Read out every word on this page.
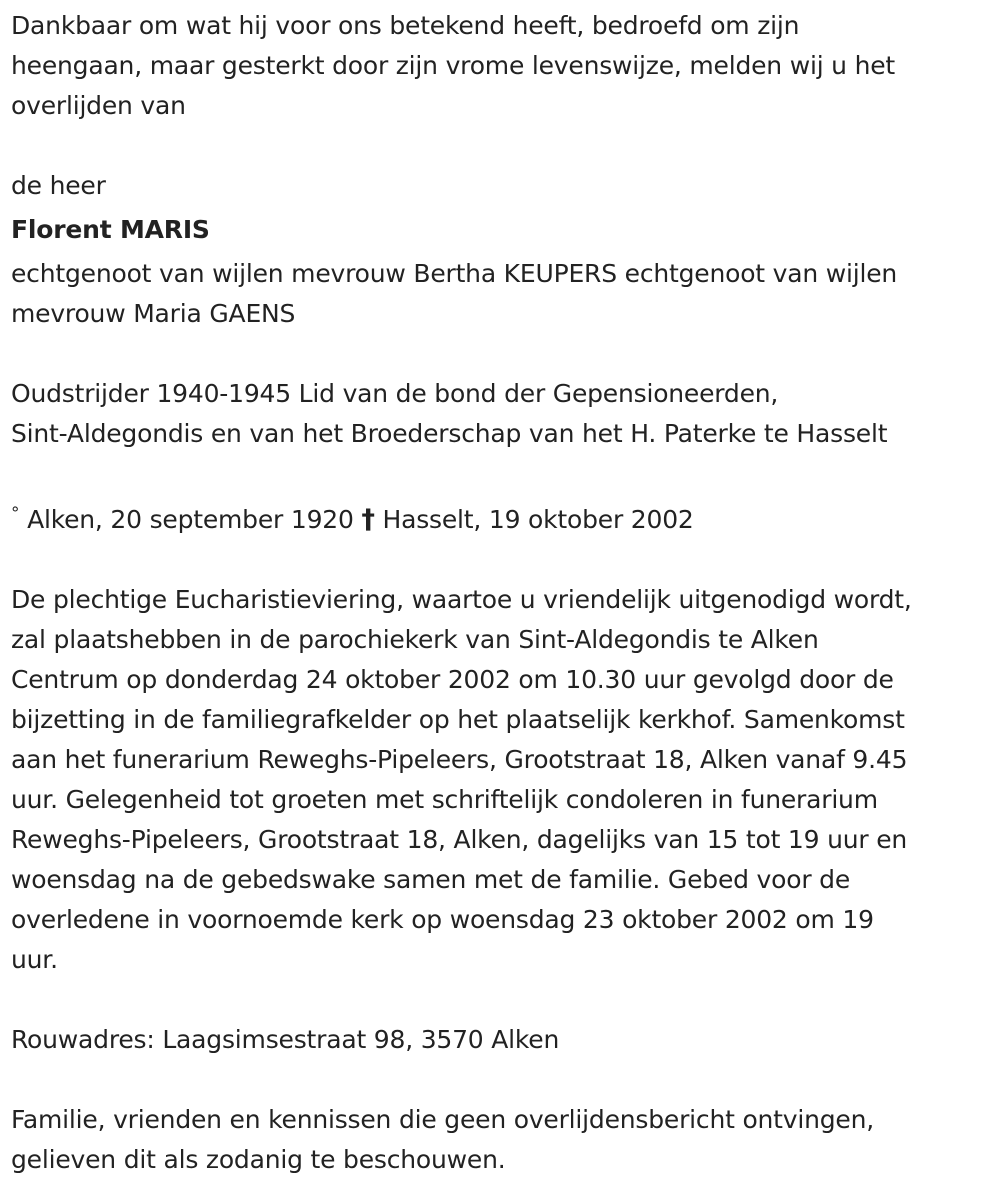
Dankbaar om wat hij voor ons betekend heeft, bedroefd om zijn
heengaan, maar gesterkt door zijn vrome levenswijze, melden wij u het
overlijden van
de heer
Florent MARIS
echtgenoot van wijlen mevrouw Bertha KEUPERS echtgenoot van wijlen
mevrouw Maria GAENS
Oudstrijder 1940-1945 Lid van de bond der Gepensioneerden,
Sint-Aldegondis en van het Broederschap van het H. Paterke te Hasselt
° Alken, 20 september 1920 † Hasselt, 19 oktober 2002
De plechtige Eucharistieviering, waartoe u vriendelijk uitgenodigd wordt,
zal plaatshebben in de parochiekerk van Sint-Aldegondis te Alken
Centrum op donderdag 24 oktober 2002 om 10.30 uur gevolgd door de
bijzetting in de familiegrafkelder op het plaatselijk kerkhof. Samenkomst
aan het funerarium Reweghs-Pipeleers, Grootstraat 18, Alken vanaf 9.45
uur. Gelegenheid tot groeten met schriftelijk condoleren in funerarium
Reweghs-Pipeleers, Grootstraat 18, Alken, dagelijks van 15 tot 19 uur en
woensdag na de gebedswake samen met de familie. Gebed voor de
overledene in voornoemde kerk op woensdag 23 oktober 2002 om 19
uur.
Rouwadres: Laagsimsestraat 98, 3570 Alken
Familie, vrienden en kennissen die geen overlijdensbericht ontvingen,
gelieven dit als zodanig te beschouwen.
